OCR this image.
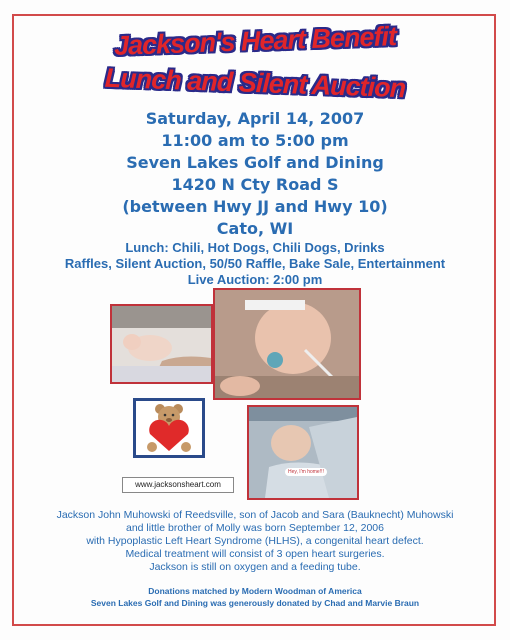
Jackson's Heart Benefit
Lunch and Silent Auction
Saturday, April 14, 2007
11:00 am to 5:00 pm
Seven Lakes Golf and Dining
1420 N Cty Road S
(between Hwy JJ and Hwy 10)
Cato, WI
Lunch: Chili, Hot Dogs, Chili Dogs, Drinks
Raffles, Silent Auction, 50/50 Raffle, Bake Sale, Entertainment
Live Auction: 2:00 pm
www.jacksonsheart.com
Hey, I'm home!!!
Jackson John Muhowski of Reedsville, son of Jacob and Sara (Bauknecht) Muhowski
and little brother of Molly was born September 12, 2006
with Hypoplastic Left Heart Syndrome (HLHS), a congenital heart defect.
Medical treatment will consist of 3 open heart surgeries.
Jackson is still on oxygen and a feeding tube.
Donations matched by Modern Woodman of America
Seven Lakes Golf and Dining was generously donated by Chad and Marvie Braun
